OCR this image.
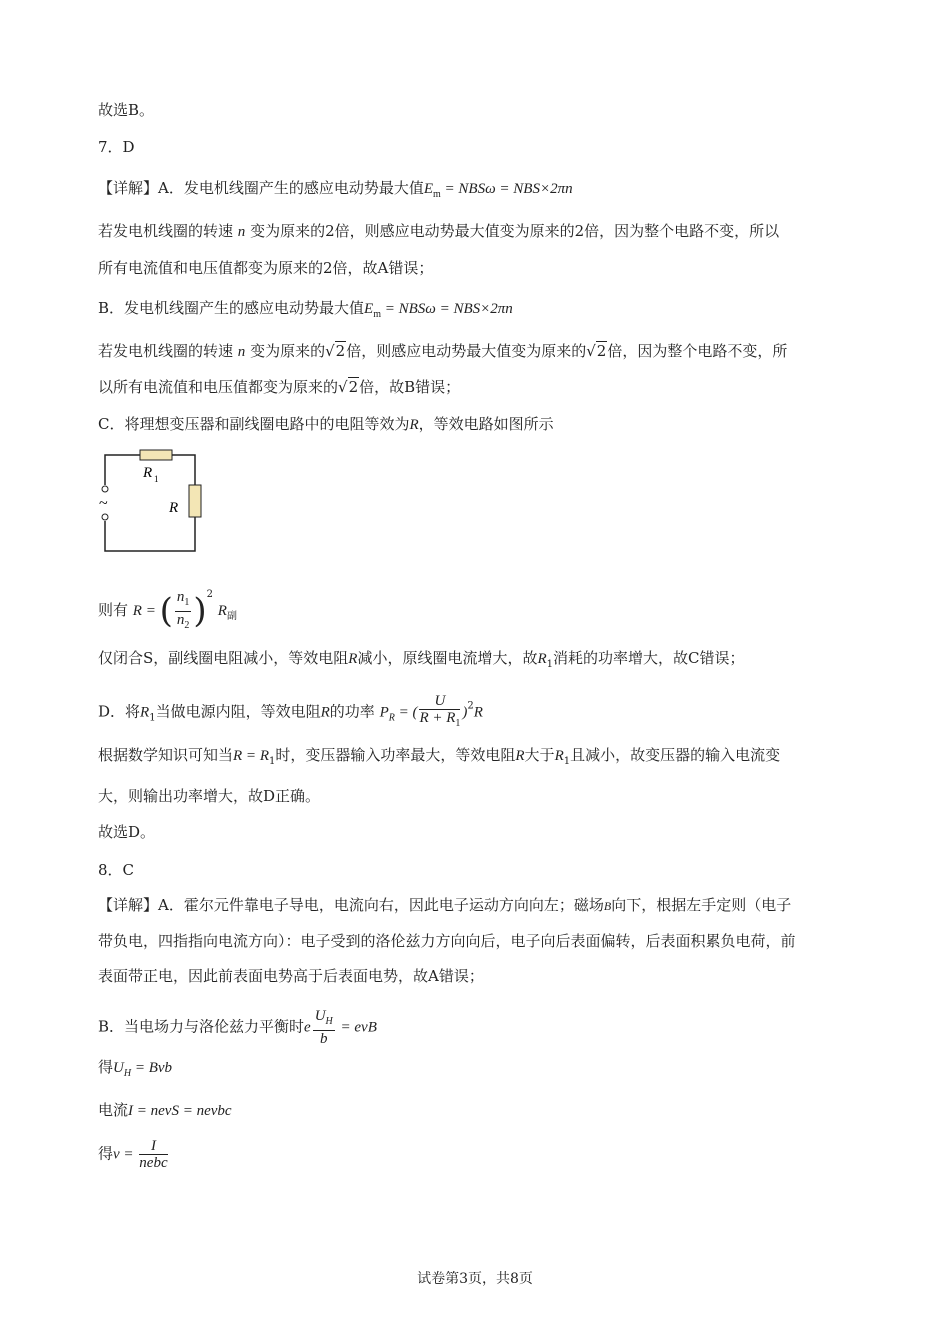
故选B。
7．D
【详解】A．发电机线圈产生的感应电动势最大值$E_m = NBS\omega = NBS\times 2\pi n$
若发电机线圈的转速 n 变为原来的2倍，则感应电动势最大值变为原来的2倍，因为整个电路不变，所以
所有电流值和电压值都变为原来的2倍，故A错误；
B．发电机线圈产生的感应电动势最大值$E_m = NBS\omega = NBS\times 2\pi n$
若发电机线圈的转速 n 变为原来的√2倍，则感应电动势最大值变为原来的√2倍，因为整个电路不变，所
以所有电流值和电压值都变为原来的√2倍，故B错误；
C．将理想变压器和副线圈电路中的电阻等效为R，等效电路如图所示
~
R 1
R
则有 R = ( $\frac{n_1}{n_2} )^2$ $R_副$
仅闭合S，副线圈电阻减小，等效电阻R减小，原线圈电流增大，故$R_1$消耗的功率增大，故C错误；
D．将$R_1$当做电源内阻，等效电阻R的功率 $P_R$ = ( $\frac{U}{R + R_1} )^2R$
根据数学知识可知当$R = R_1$时，变压器输入功率最大，等效电阻R大于$R_1$且减小，故变压器的输入电流变
大，则输出功率增大，故D正确。
故选D。
8．C
【详解】A．霍尔元件靠电子导电，电流向右，因此电子运动方向向左；磁场B向下，根据左手定则（电子
带负电，四指指向电流方向）：电子受到的洛伦兹力方向向后，电子向后表面偏转，后表面积累负电荷，前
表面带正电，因此前表面电势高于后表面电势，故A错误；
B．当电场力与洛伦兹力平衡时e $\frac{U_H}{b}$ = evB
得$U_H$ = Bvb
电流I = nevS = nevbc
得$v = \frac{I}{\text{nebc}}$
试卷第3页，共8页
